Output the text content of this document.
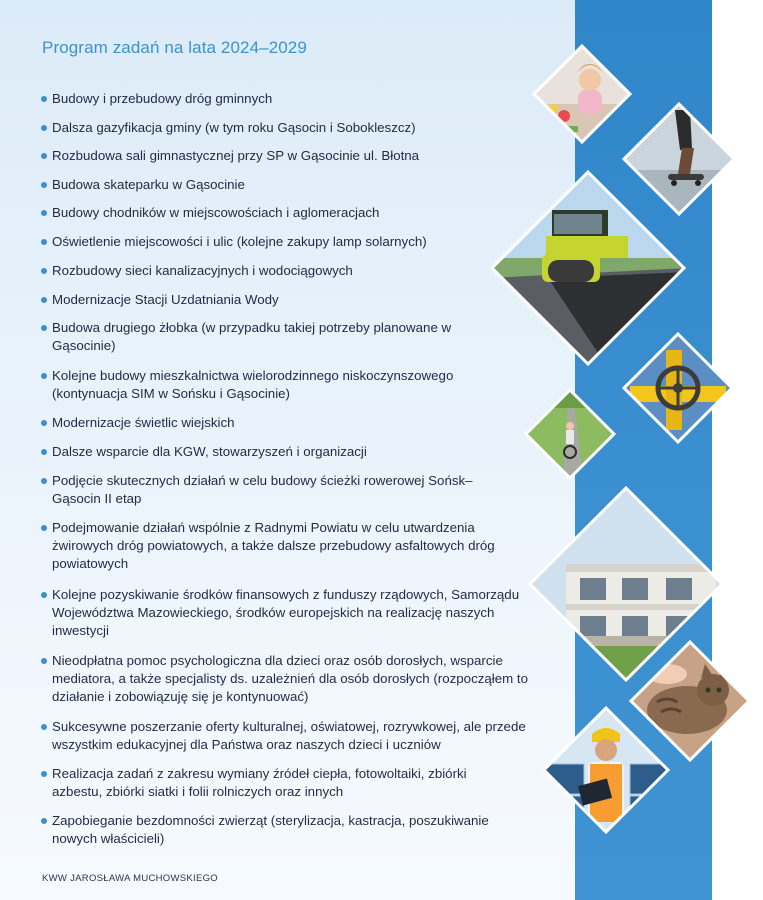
Program zadań na lata 2024–2029
Budowy i przebudowy dróg gminnych
Dalsza gazyfikacja gminy (w tym roku Gąsocin i Sobokleszcz)
Rozbudowa sali gimnastycznej przy SP w Gąsocinie ul. Błotna
Budowa skateparku w Gąsocinie
Budowy chodników w miejscowościach i aglomeracjach
Oświetlenie miejscowości i ulic (kolejne zakupy lamp solarnych)
Rozbudowy sieci kanalizacyjnych i wodociągowych
Modernizacje Stacji Uzdatniania Wody
Budowa drugiego żłobka (w przypadku takiej potrzeby planowane w Gąsocinie)
Kolejne budowy mieszkalnictwa wielorodzinnego niskoczynszowego (kontynuacja SIM w Sońsku i Gąsocinie)
Modernizacje świetlic wiejskich
Dalsze wsparcie dla KGW, stowarzyszeń i organizacji
Podjęcie skutecznych działań w celu budowy ścieżki rowerowej Sońsk–Gąsocin II etap
Podejmowanie działań wspólnie z Radnymi Powiatu w celu utwardzenia żwirowych dróg powiatowych, a także dalsze przebudowy asfaltowych dróg powiatowych
Kolejne pozyskiwanie środków finansowych z funduszy rządowych, Samorządu Województwa Mazowieckiego, środków europejskich na realizację naszych inwestycji
Nieodpłatna pomoc psychologiczna dla dzieci oraz osób dorosłych, wsparcie mediatora, a także specjalisty ds. uzależnień dla osób dorosłych (rozpocząłem to działanie i zobowiązuję się je kontynuować)
Sukcesywne poszerzanie oferty kulturalnej, oświatowej, rozrywkowej, ale przede wszystkim edukacyjnej dla Państwa oraz naszych dzieci i uczniów
Realizacja zadań z zakresu wymiany źródeł ciepła, fotowoltaiki, zbiórki azbestu, zbiórki siatki i folii rolniczych oraz innych
Zapobieganie bezdomności zwierząt (sterylizacja, kastracja, poszukiwanie nowych właścicieli)
KWW JAROSŁAWA MUCHOWSKIEGO
